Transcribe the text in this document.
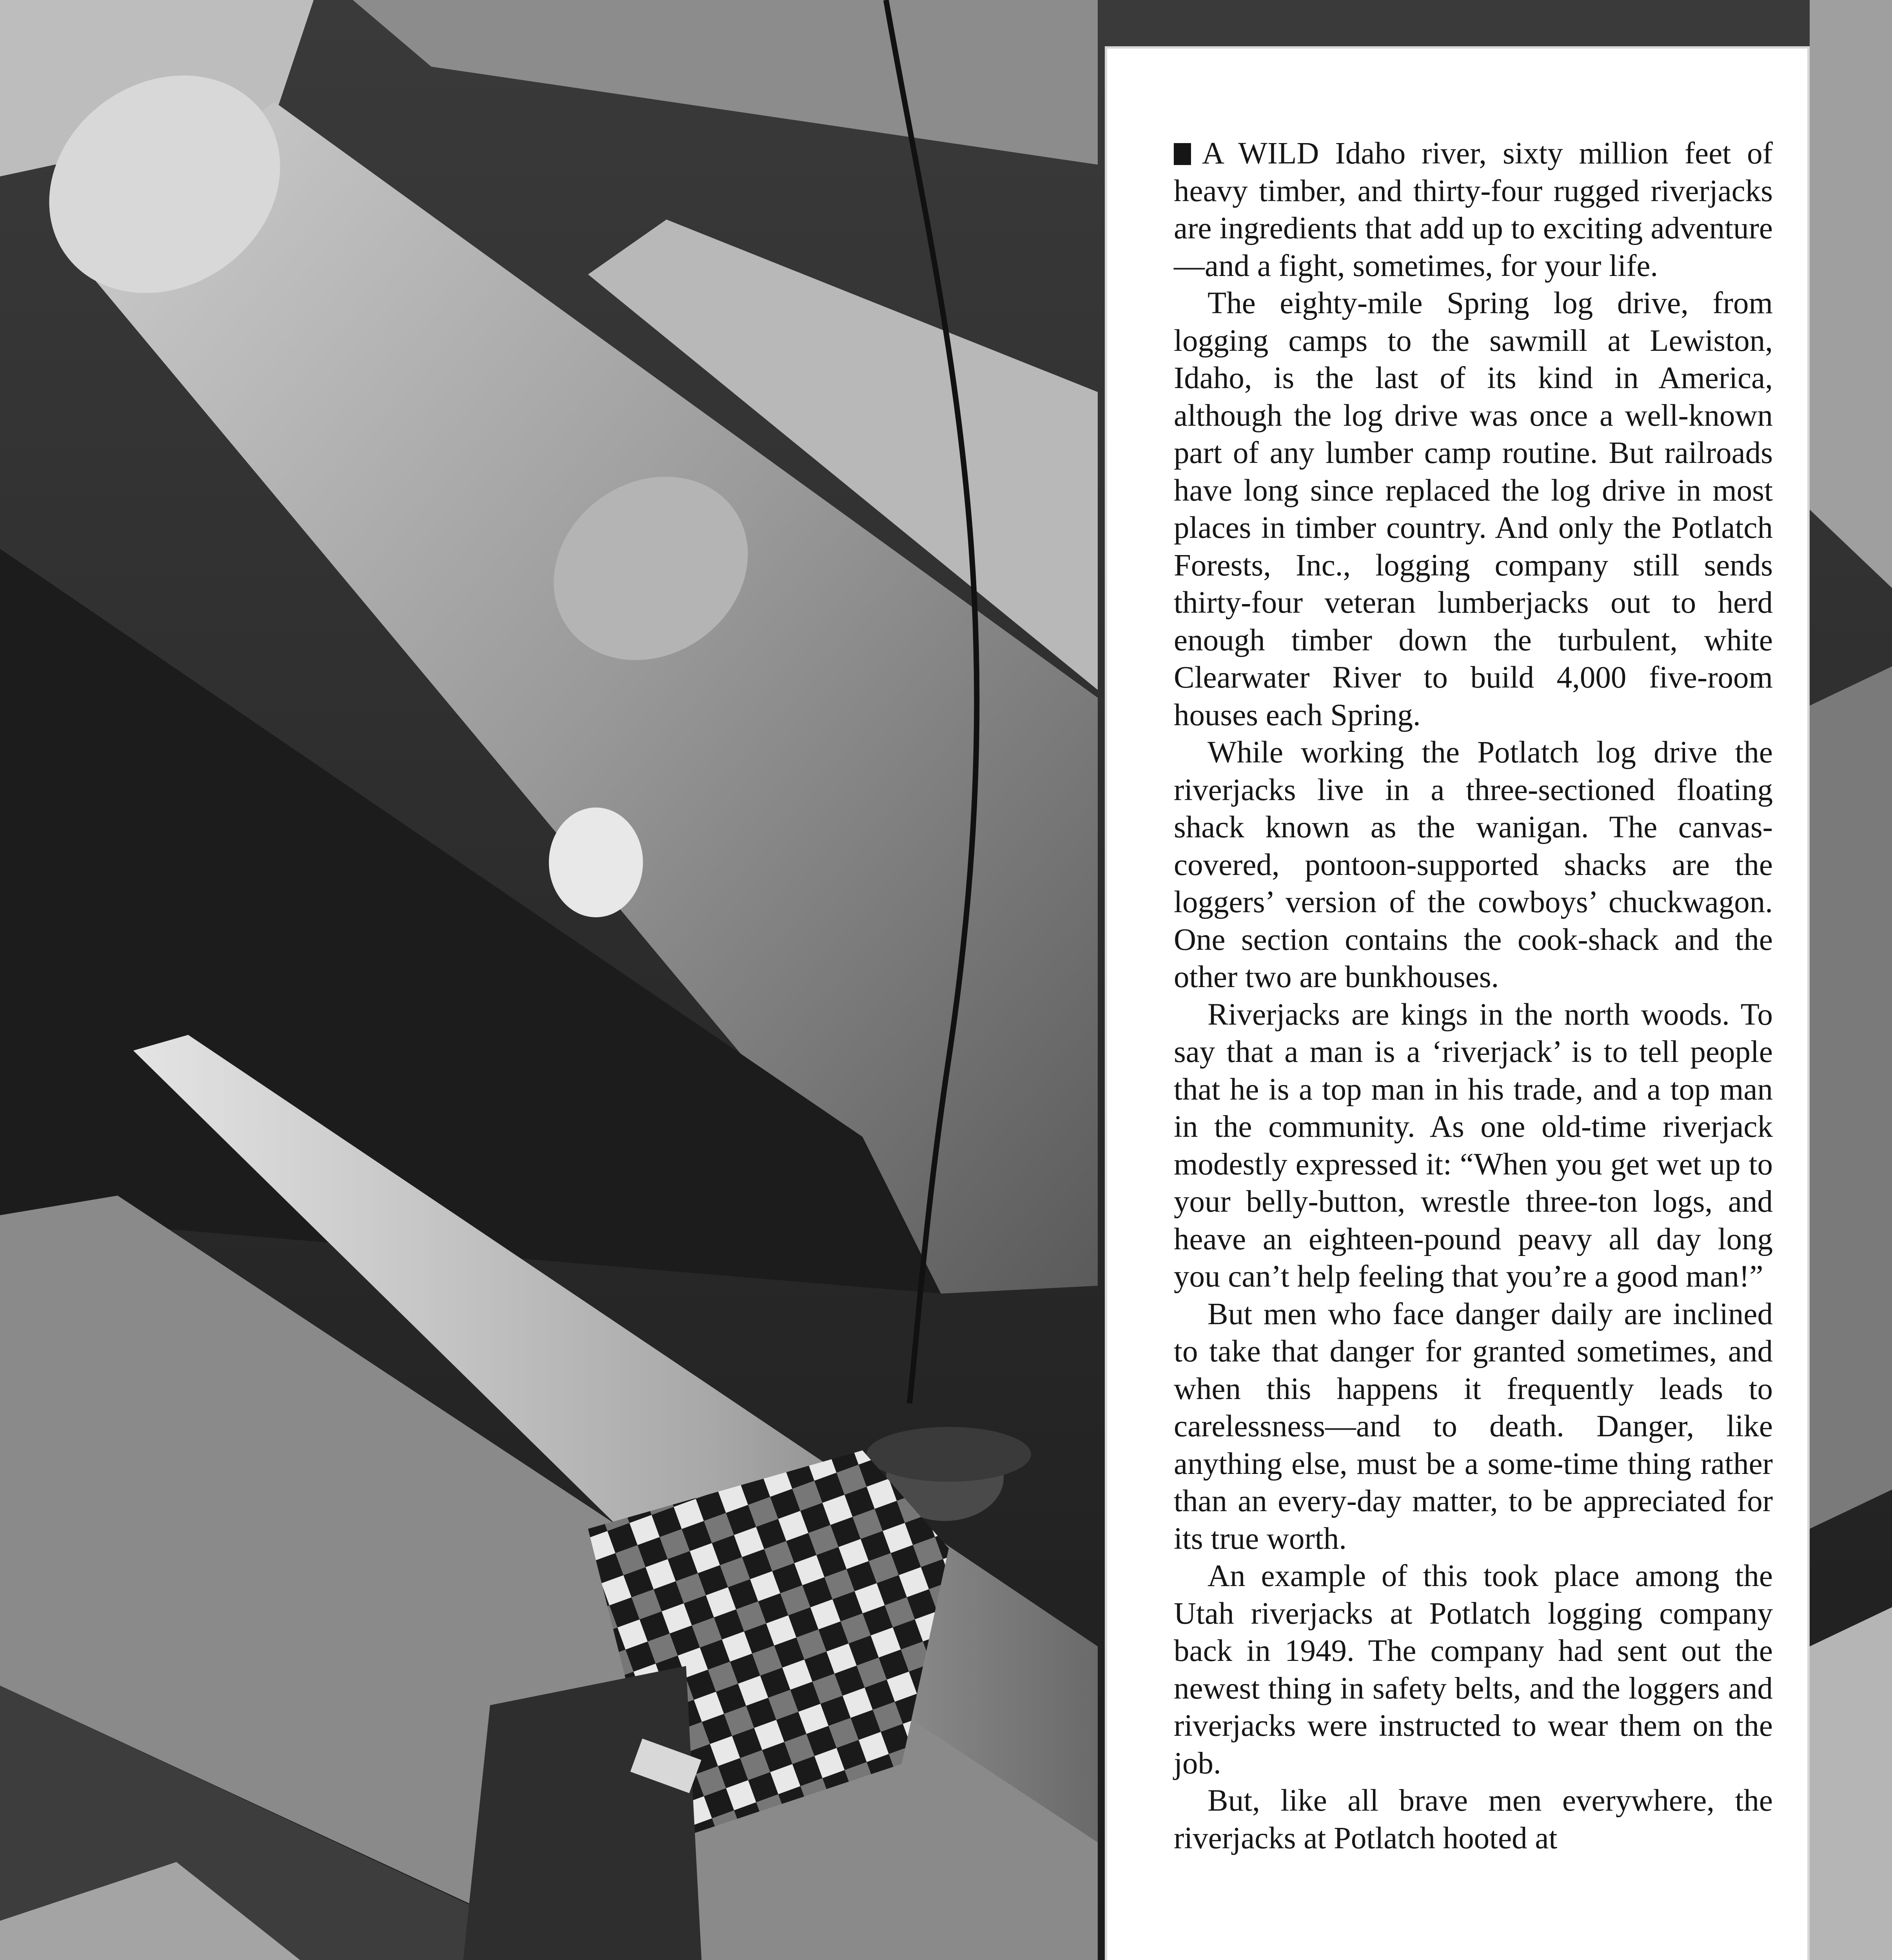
A WILD Idaho river, sixty million feet of heavy timber, and thirty-four rugged riverjacks are ingredients that add up to exciting adventure—and a fight, sometimes, for your life.

The eighty-mile Spring log drive, from logging camps to the sawmill at Lewiston, Idaho, is the last of its kind in America, although the log drive was once a well-known part of any lumber camp routine. But railroads have long since replaced the log drive in most places in timber country. And only the Potlatch Forests, Inc., logging company still sends thirty-four veteran lumberjacks out to herd enough timber down the turbulent, white Clearwater River to build 4,000 five-room houses each Spring.

While working the Potlatch log drive the riverjacks live in a three-sectioned floating shack known as the wanigan. The canvas-covered, pontoon-supported shacks are the loggers’ version of the cowboys’ chuckwagon. One section contains the cook-shack and the other two are bunkhouses.

Riverjacks are kings in the north woods. To say that a man is a ‘riverjack’ is to tell people that he is a top man in his trade, and a top man in the community. As one old-time riverjack modestly expressed it: “When you get wet up to your belly-button, wrestle three-ton logs, and heave an eighteen-pound peavy all day long you can’t help feeling that you’re a good man!”

But men who face danger daily are inclined to take that danger for granted sometimes, and when this happens it frequently leads to carelessness—and to death. Danger, like anything else, must be a some-time thing rather than an every-day matter, to be appreciated for its true worth.

An example of this took place among the Utah riverjacks at Potlatch logging company back in 1949. The company had sent out the newest thing in safety belts, and the loggers and riverjacks were instructed to wear them on the job.

But, like all brave men everywhere, the riverjacks at Potlatch hooted at
